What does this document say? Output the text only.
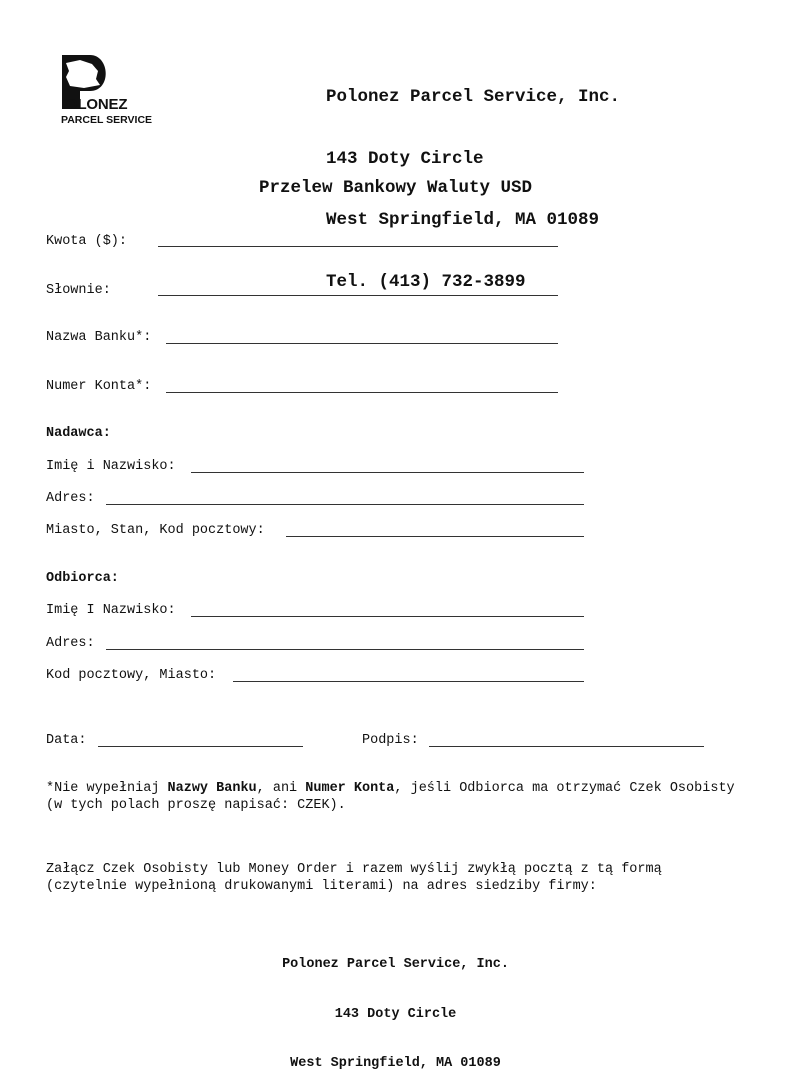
OLONEZ
PARCEL SERVICE

Polonez Parcel Service, Inc.

143 Doty Circle

West Springfield, MA 01089

Tel. (413) 732-3899

Przelew Bankowy Waluty USD
Kwota ($):
Słownie:
Nazwa Banku*:
Numer Konta*:
Nadawca:
Imię i Nazwisko:
Adres:
Miasto, Stan, Kod pocztowy:
Odbiorca:
Imię I Nazwisko:
Adres:
Kod pocztowy, Miasto:
Data:	Podpis:
*Nie wypełniaj Nazwy Banku, ani Numer Konta, jeśli Odbiorca ma otrzymać Czek Osobisty (w tych polach proszę napisać: CZEK).
Załącz Czek Osobisty lub Money Order i razem wyślij zwykłą pocztą z tą formą (czytelnie wypełnioną drukowanymi literami) na adres siedziby firmy:

Polonez Parcel Service, Inc.

143 Doty Circle

West Springfield, MA 01089
